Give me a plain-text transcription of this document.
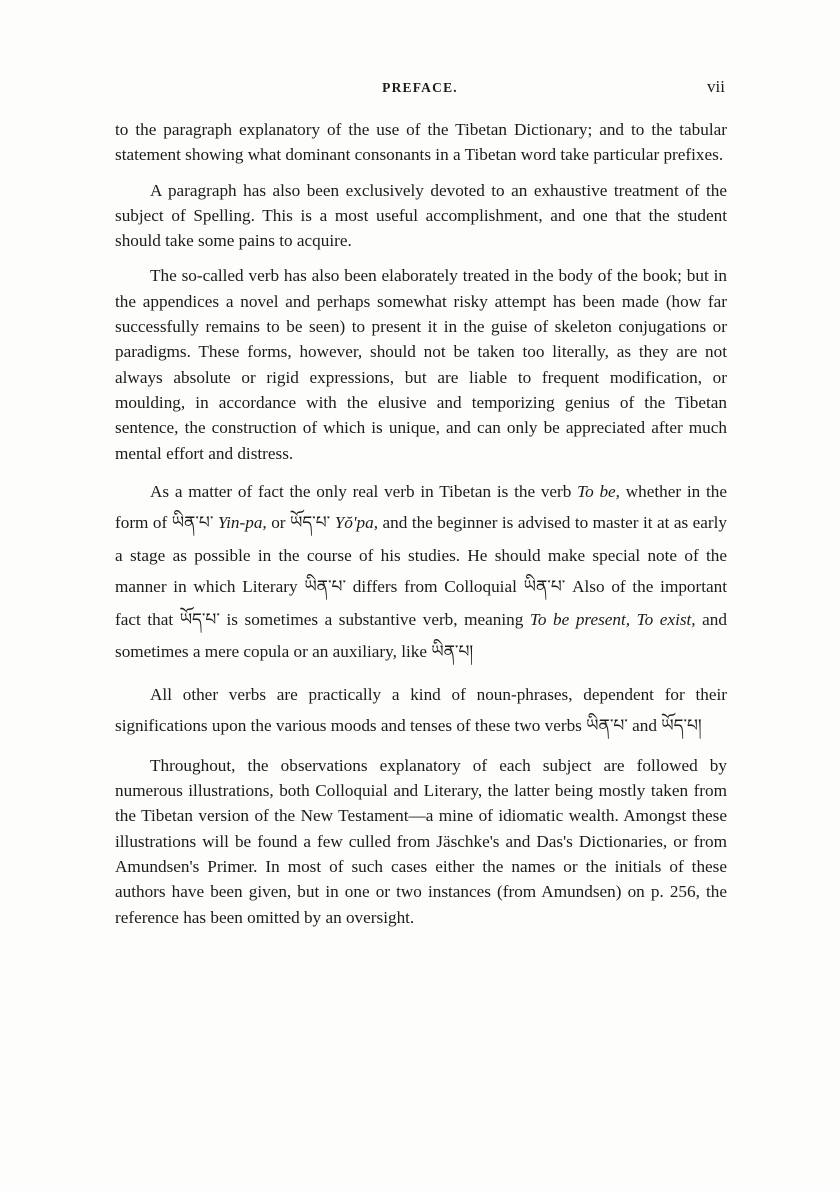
PREFACE.	vii

to the paragraph explanatory of the use of the Tibetan Dictionary; and to the tabular statement showing what dominant consonants in a Tibetan word take particular prefixes.

A paragraph has also been exclusively devoted to an exhaustive treatment of the subject of Spelling. This is a most useful accomplishment, and one that the student should take some pains to acquire.

The so-called verb has also been elaborately treated in the body of the book; but in the appendices a novel and perhaps somewhat risky attempt has been made (how far successfully remains to be seen) to present it in the guise of skeleton conjugations or paradigms. These forms, however, should not be taken too literally, as they are not always absolute or rigid expressions, but are liable to frequent modification, or moulding, in accordance with the elusive and temporizing genius of the Tibetan sentence, the construction of which is unique, and can only be appreciated after much mental effort and distress.

As a matter of fact the only real verb in Tibetan is the verb To be, whether in the form of ཡིན་པ་ Yin-pa, or ཡོད་པ་ Yŏ'pa, and the beginner is advised to master it at as early a stage as possible in the course of his studies. He should make special note of the manner in which Literary ཡིན་པ་ differs from Colloquial ཡིན་པ་ Also of the important fact that ཡོད་པ་ is sometimes a substantive verb, meaning To be present, To exist, and sometimes a mere copula or an auxiliary, like ཡིན་པ།

All other verbs are practically a kind of noun-phrases, dependent for their significations upon the various moods and tenses of these two verbs ཡིན་པ་ and ཡོད་པ།

Throughout, the observations explanatory of each subject are followed by numerous illustrations, both Colloquial and Literary, the latter being mostly taken from the Tibetan version of the New Testament—a mine of idiomatic wealth. Amongst these illustrations will be found a few culled from Jäschke's and Das's Dictionaries, or from Amundsen's Primer. In most of such cases either the names or the initials of these authors have been given, but in one or two instances (from Amundsen) on p. 256, the reference has been omitted by an oversight.
